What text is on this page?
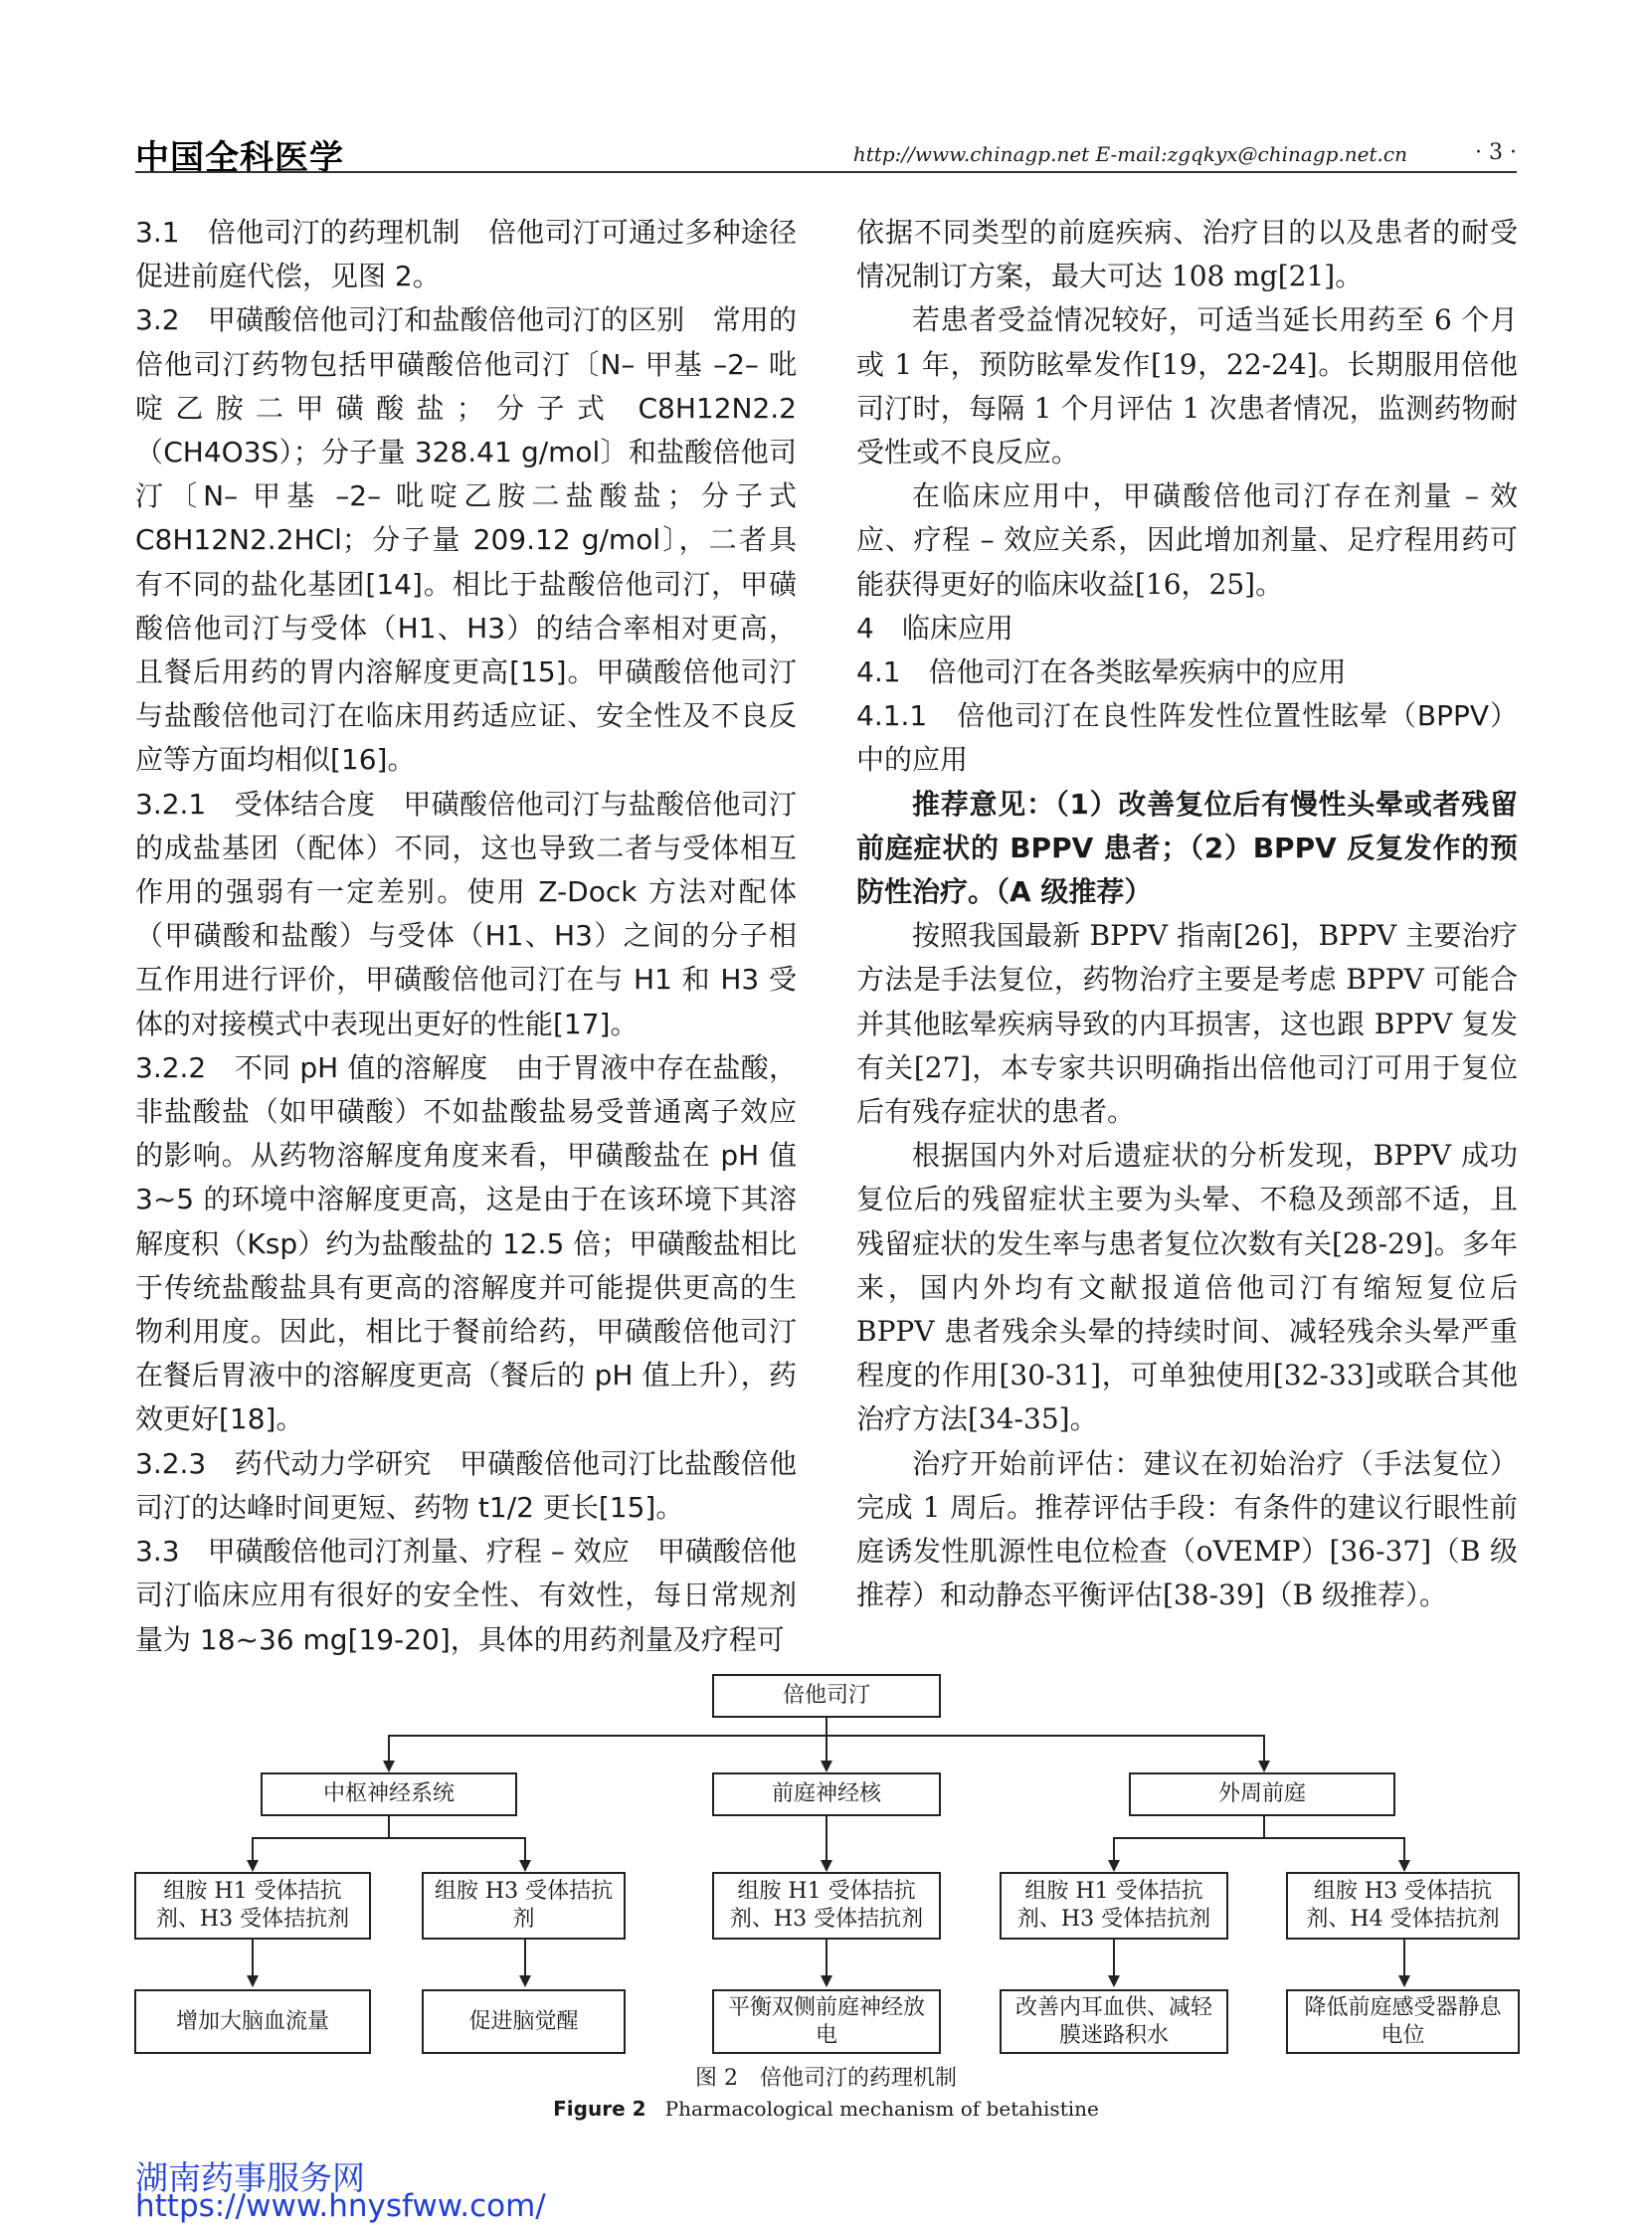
中国全科医学	http://www.chinagp.net E-mail:zgqkyx@chinagp.net.cn	· 3 ·

3.1　倍他司汀的药理机制　倍他司汀可通过多种途径促进前庭代偿，见图 2。

3.2　甲磺酸倍他司汀和盐酸倍他司汀的区别　常用的倍他司汀药物包括甲磺酸倍他司汀〔N– 甲基 –2– 吡啶乙胺二甲磺酸盐；分子式 C8H12N2.2（CH4O3S）；分子量 328.41 g/mol〕和盐酸倍他司汀〔N– 甲基 –2– 吡啶乙胺二盐酸盐；分子式 C8H12N2.2HCl；分子量 209.12 g/mol〕，二者具有不同的盐化基团[14]。相比于盐酸倍他司汀，甲磺酸倍他司汀与受体（H1、H3）的结合率相对更高，且餐后用药的胃内溶解度更高[15]。甲磺酸倍他司汀与盐酸倍他司汀在临床用药适应证、安全性及不良反应等方面均相似[16]。

3.2.1　受体结合度　甲磺酸倍他司汀与盐酸倍他司汀的成盐基团（配体）不同，这也导致二者与受体相互作用的强弱有一定差别。使用 Z-Dock 方法对配体（甲磺酸和盐酸）与受体（H1、H3）之间的分子相互作用进行评价，甲磺酸倍他司汀在与 H1 和 H3 受体的对接模式中表现出更好的性能[17]。

3.2.2　不同 pH 值的溶解度　由于胃液中存在盐酸，非盐酸盐（如甲磺酸）不如盐酸盐易受普通离子效应的影响。从药物溶解度角度来看，甲磺酸盐在 pH 值 3~5 的环境中溶解度更高，这是由于在该环境下其溶解度积（Ksp）约为盐酸盐的 12.5 倍；甲磺酸盐相比于传统盐酸盐具有更高的溶解度并可能提供更高的生物利用度。因此，相比于餐前给药，甲磺酸倍他司汀在餐后胃液中的溶解度更高（餐后的 pH 值上升），药效更好[18]。

3.2.3　药代动力学研究　甲磺酸倍他司汀比盐酸倍他司汀的达峰时间更短、药物 t1/2 更长[15]。

3.3　甲磺酸倍他司汀剂量、疗程 – 效应　甲磺酸倍他司汀临床应用有很好的安全性、有效性，每日常规剂量为 18~36 mg[19-20]，具体的用药剂量及疗程可

依据不同类型的前庭疾病、治疗目的以及患者的耐受情况制订方案，最大可达 108 mg[21]。

若患者受益情况较好，可适当延长用药至 6 个月或 1 年，预防眩晕发作[19，22-24]。长期服用倍他司汀时，每隔 1 个月评估 1 次患者情况，监测药物耐受性或不良反应。

在临床应用中，甲磺酸倍他司汀存在剂量 – 效应、疗程 – 效应关系，因此增加剂量、足疗程用药可能获得更好的临床收益[16，25]。

4　临床应用

4.1　倍他司汀在各类眩晕疾病中的应用

4.1.1　倍他司汀在良性阵发性位置性眩晕（BPPV）中的应用

推荐意见：（1）改善复位后有慢性头晕或者残留前庭症状的 BPPV 患者；（2）BPPV 反复发作的预防性治疗。（A 级推荐）

按照我国最新 BPPV 指南[26]，BPPV 主要治疗方法是手法复位，药物治疗主要是考虑 BPPV 可能合并其他眩晕疾病导致的内耳损害，这也跟 BPPV 复发有关[27]，本专家共识明确指出倍他司汀可用于复位后有残存症状的患者。

根据国内外对后遗症状的分析发现，BPPV 成功复位后的残留症状主要为头晕、不稳及颈部不适，且残留症状的发生率与患者复位次数有关[28-29]。多年来，国内外均有文献报道倍他司汀有缩短复位后 BPPV 患者残余头晕的持续时间、减轻残余头晕严重程度的作用[30-31]，可单独使用[32-33]或联合其他治疗方法[34-35]。

治疗开始前评估：建议在初始治疗（手法复位）完成 1 周后。推荐评估手段：有条件的建议行眼性前庭诱发性肌源性电位检查（oVEMP）[36-37]（B 级推荐）和动静态平衡评估[38-39]（B 级推荐）。

倍他司汀
中枢神经系统	前庭神经核	外周前庭
组胺 H1 受体拮抗剂、H3 受体拮抗剂
组胺 H3 受体拮抗剂
组胺 H1 受体拮抗剂、H3 受体拮抗剂
组胺 H1 受体拮抗剂、H3 受体拮抗剂
组胺 H3 受体拮抗剂、H4 受体拮抗剂
增加大脑血流量	促进脑觉醒
平衡双侧前庭神经放电
改善内耳血供、减轻膜迷路积水
降低前庭感受器静息电位
图 2　倍他司汀的药理机制
Figure 2 Pharmacological mechanism of betahistine
湖南药事服务网
https://www.hnysfww.com/
